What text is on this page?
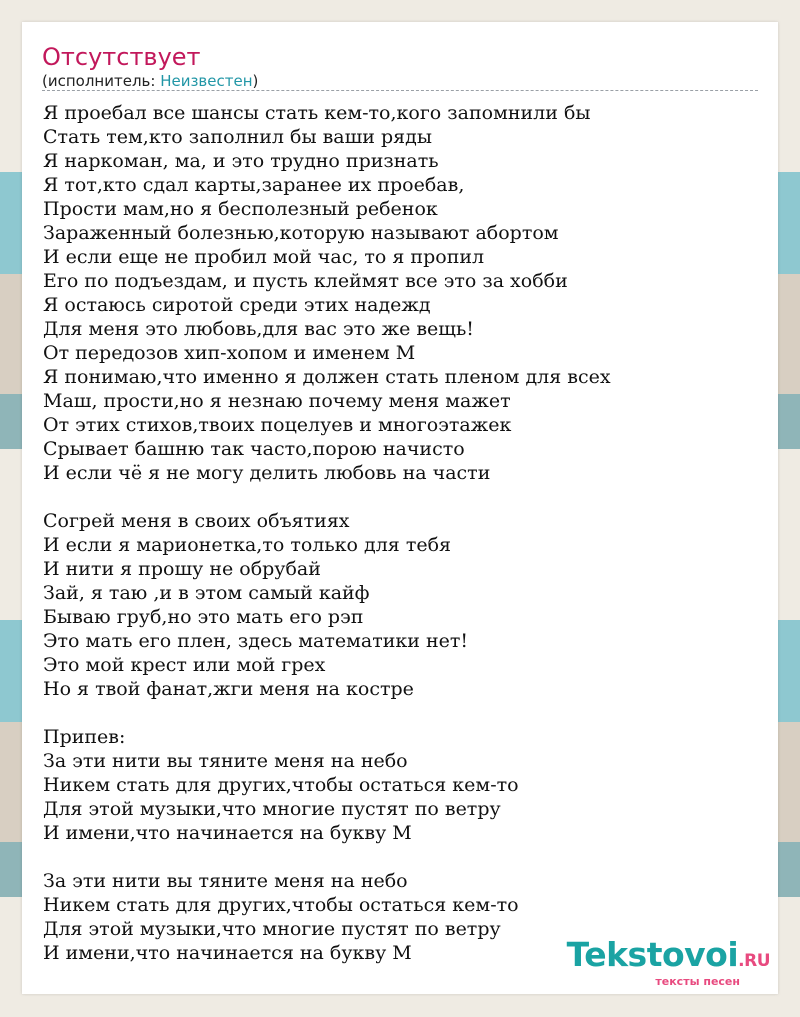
Отсутствует
(исполнитель: Неизвестен)
Я проебал все шансы стать кем-то,кого запомнили бы
Стать тем,кто заполнил бы ваши ряды
Я наркоман, ма, и это трудно признать
Я тот,кто сдал карты,заранее их проебав,
Прости мам,но я бесполезный ребенок
Зараженный болезнью,которую называют абортом
И если еще не пробил мой час, то я пропил
Его по подъездам, и пусть клеймят все это за хобби
Я остаюсь сиротой среди этих надежд
Для меня это любовь,для вас это же вещь!
От передозов хип-хопом и именем М
Я понимаю,что именно я должен стать пленом для всех
Маш, прости,но я незнаю почему меня мажет
От этих стихов,твоих поцелуев и многоэтажек
Срывает башню так часто,порою начисто
И если чё я не могу делить любовь на части
Согрей меня в своих объятиях
И если я марионетка,то только для тебя
И нити я прошу не обрубай
Зай, я таю ,и в этом самый кайф
Бываю груб,но это мать его рэп
Это мать его плен, здесь математики нет!
Это мой крест или мой грех
Но я твой фанат,жги меня на костре
Припев:
За эти нити вы тяните меня на небо
Никем стать для других,чтобы остаться кем-то
Для этой музыки,что многие пустят по ветру
И имени,что начинается на букву М
За эти нити вы тяните меня на небо
Никем стать для других,чтобы остаться кем-то
Для этой музыки,что многие пустят по ветру
И имени,что начинается на букву М	Tekstovoi.RU
тексты песен
